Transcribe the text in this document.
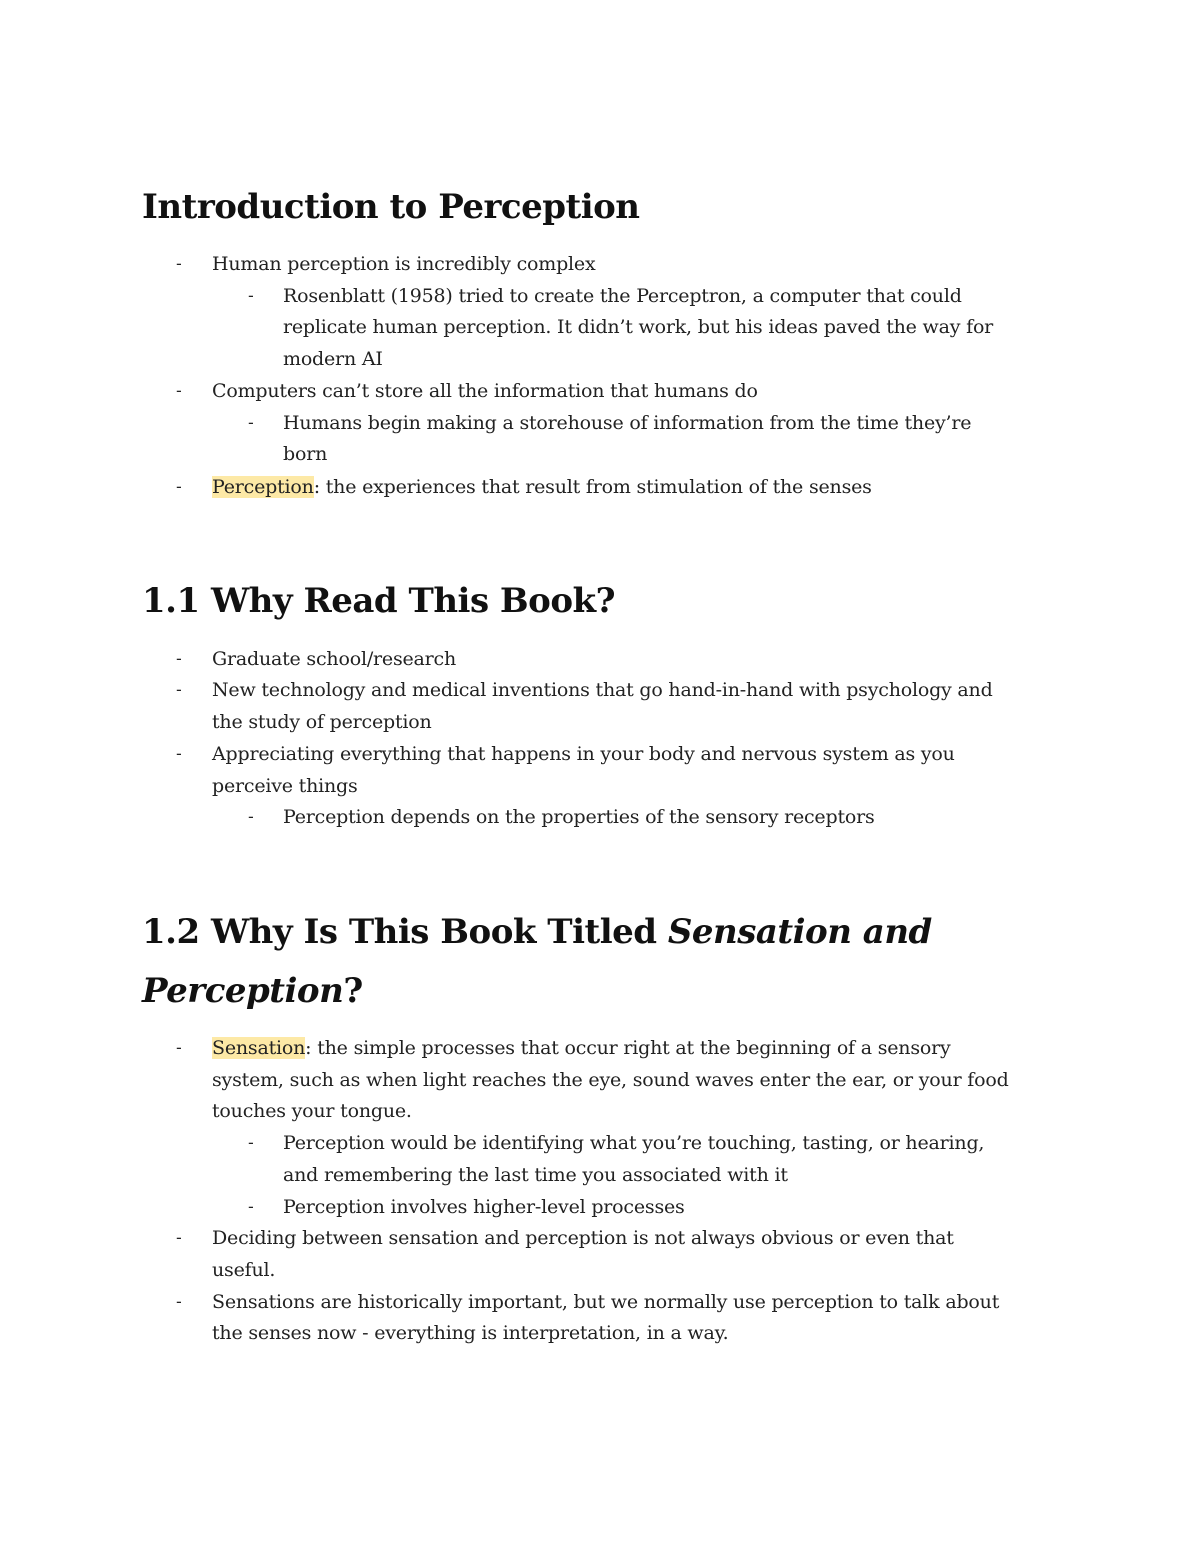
Introduction to Perception
- Human perception is incredibly complex
- Rosenblatt (1958) tried to create the Perceptron, a computer that could
replicate human perception. It didn’t work, but his ideas paved the way for
modern AI
- Computers can’t store all the information that humans do
- Humans begin making a storehouse of information from the time they’re
born
- Perception: the experiences that result from stimulation of the senses
1.1 Why Read This Book?
- Graduate school/research
- New technology and medical inventions that go hand-in-hand with psychology and
the study of perception
- Appreciating everything that happens in your body and nervous system as you
perceive things
- Perception depends on the properties of the sensory receptors
1.2 Why Is This Book Titled Sensation and
Perception?
- Sensation: the simple processes that occur right at the beginning of a sensory
system, such as when light reaches the eye, sound waves enter the ear, or your food
touches your tongue.
- Perception would be identifying what you’re touching, tasting, or hearing,
and remembering the last time you associated with it
- Perception involves higher-level processes
- Deciding between sensation and perception is not always obvious or even that
useful.
- Sensations are historically important, but we normally use perception to talk about
the senses now - everything is interpretation, in a way.
